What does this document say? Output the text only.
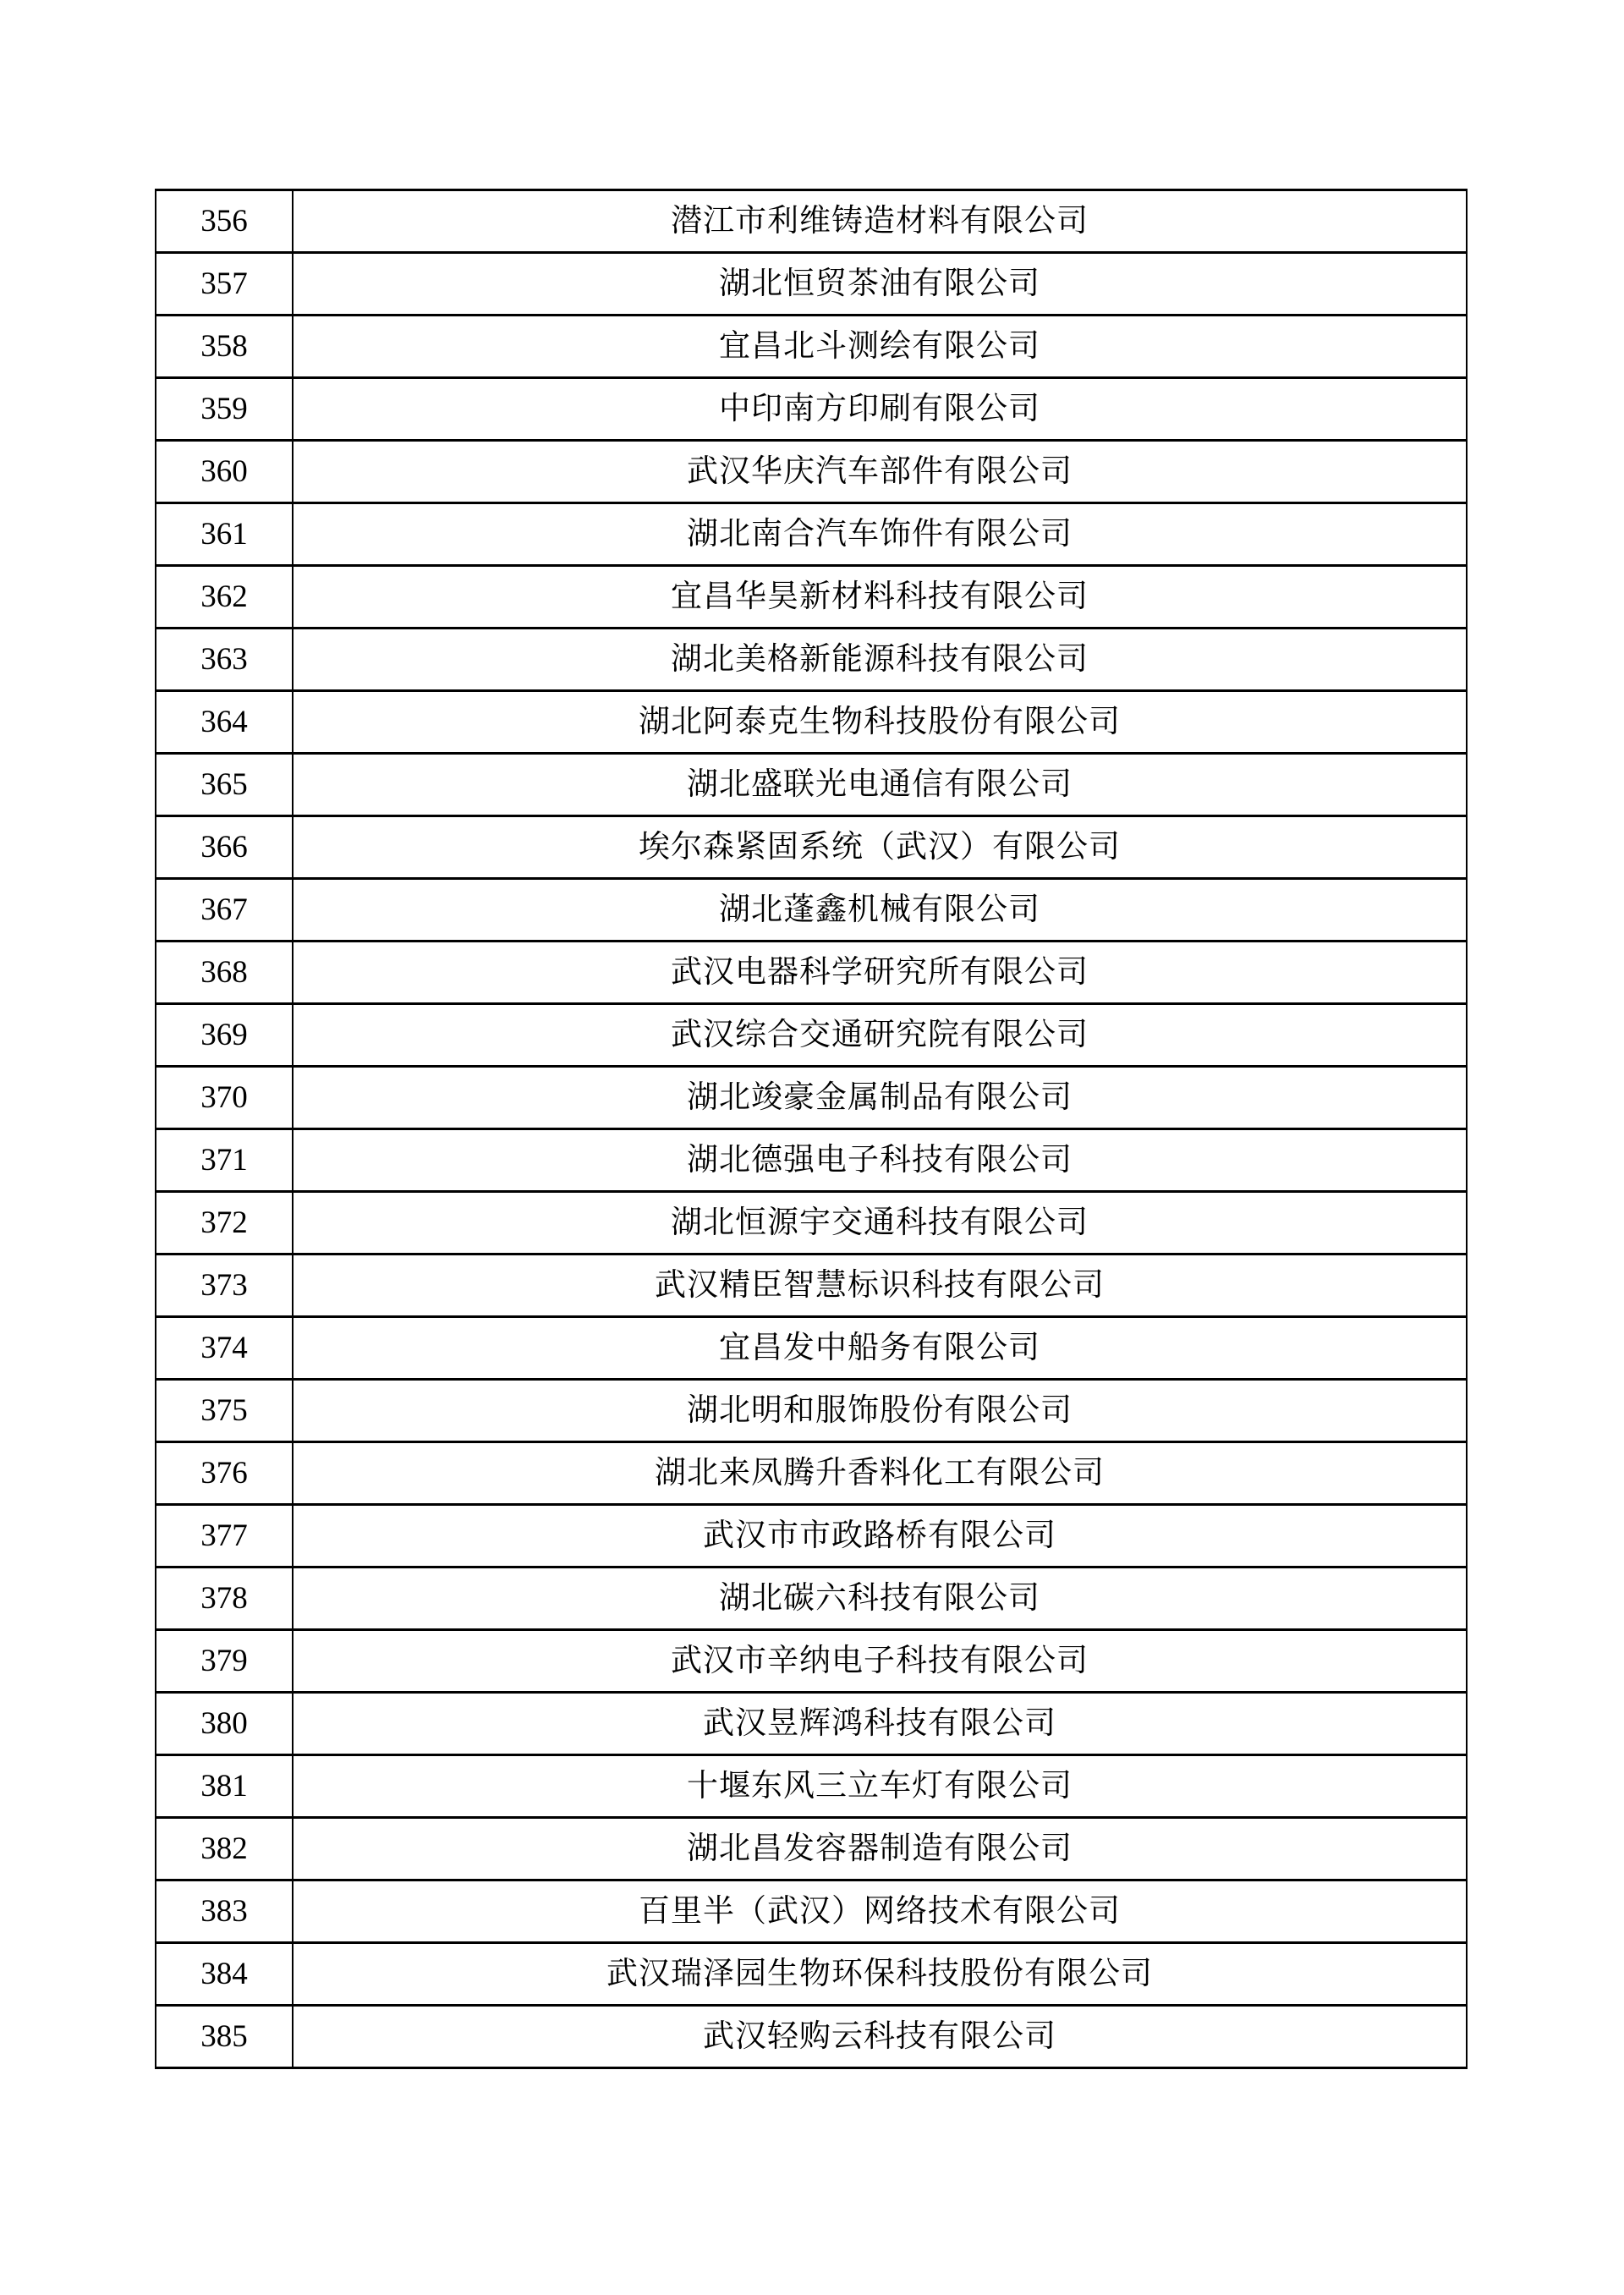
356	潜江市利维铸造材料有限公司
357	湖北恒贸茶油有限公司
358	宜昌北斗测绘有限公司
359	中印南方印刷有限公司
360	武汉华庆汽车部件有限公司
361	湖北南合汽车饰件有限公司
362	宜昌华昊新材料科技有限公司
363	湖北美格新能源科技有限公司
364	湖北阿泰克生物科技股份有限公司
365	湖北盛联光电通信有限公司
366	埃尔森紧固系统（武汉）有限公司
367	湖北蓬鑫机械有限公司
368	武汉电器科学研究所有限公司
369	武汉综合交通研究院有限公司
370	湖北竣豪金属制品有限公司
371	湖北德强电子科技有限公司
372	湖北恒源宇交通科技有限公司
373	武汉精臣智慧标识科技有限公司
374	宜昌发中船务有限公司
375	湖北明和服饰股份有限公司
376	湖北来凤腾升香料化工有限公司
377	武汉市市政路桥有限公司
378	湖北碳六科技有限公司
379	武汉市辛纳电子科技有限公司
380	武汉昱辉鸿科技有限公司
381	十堰东风三立车灯有限公司
382	湖北昌发容器制造有限公司
383	百里半（武汉）网络技术有限公司
384	武汉瑞泽园生物环保科技股份有限公司
385	武汉轻购云科技有限公司
